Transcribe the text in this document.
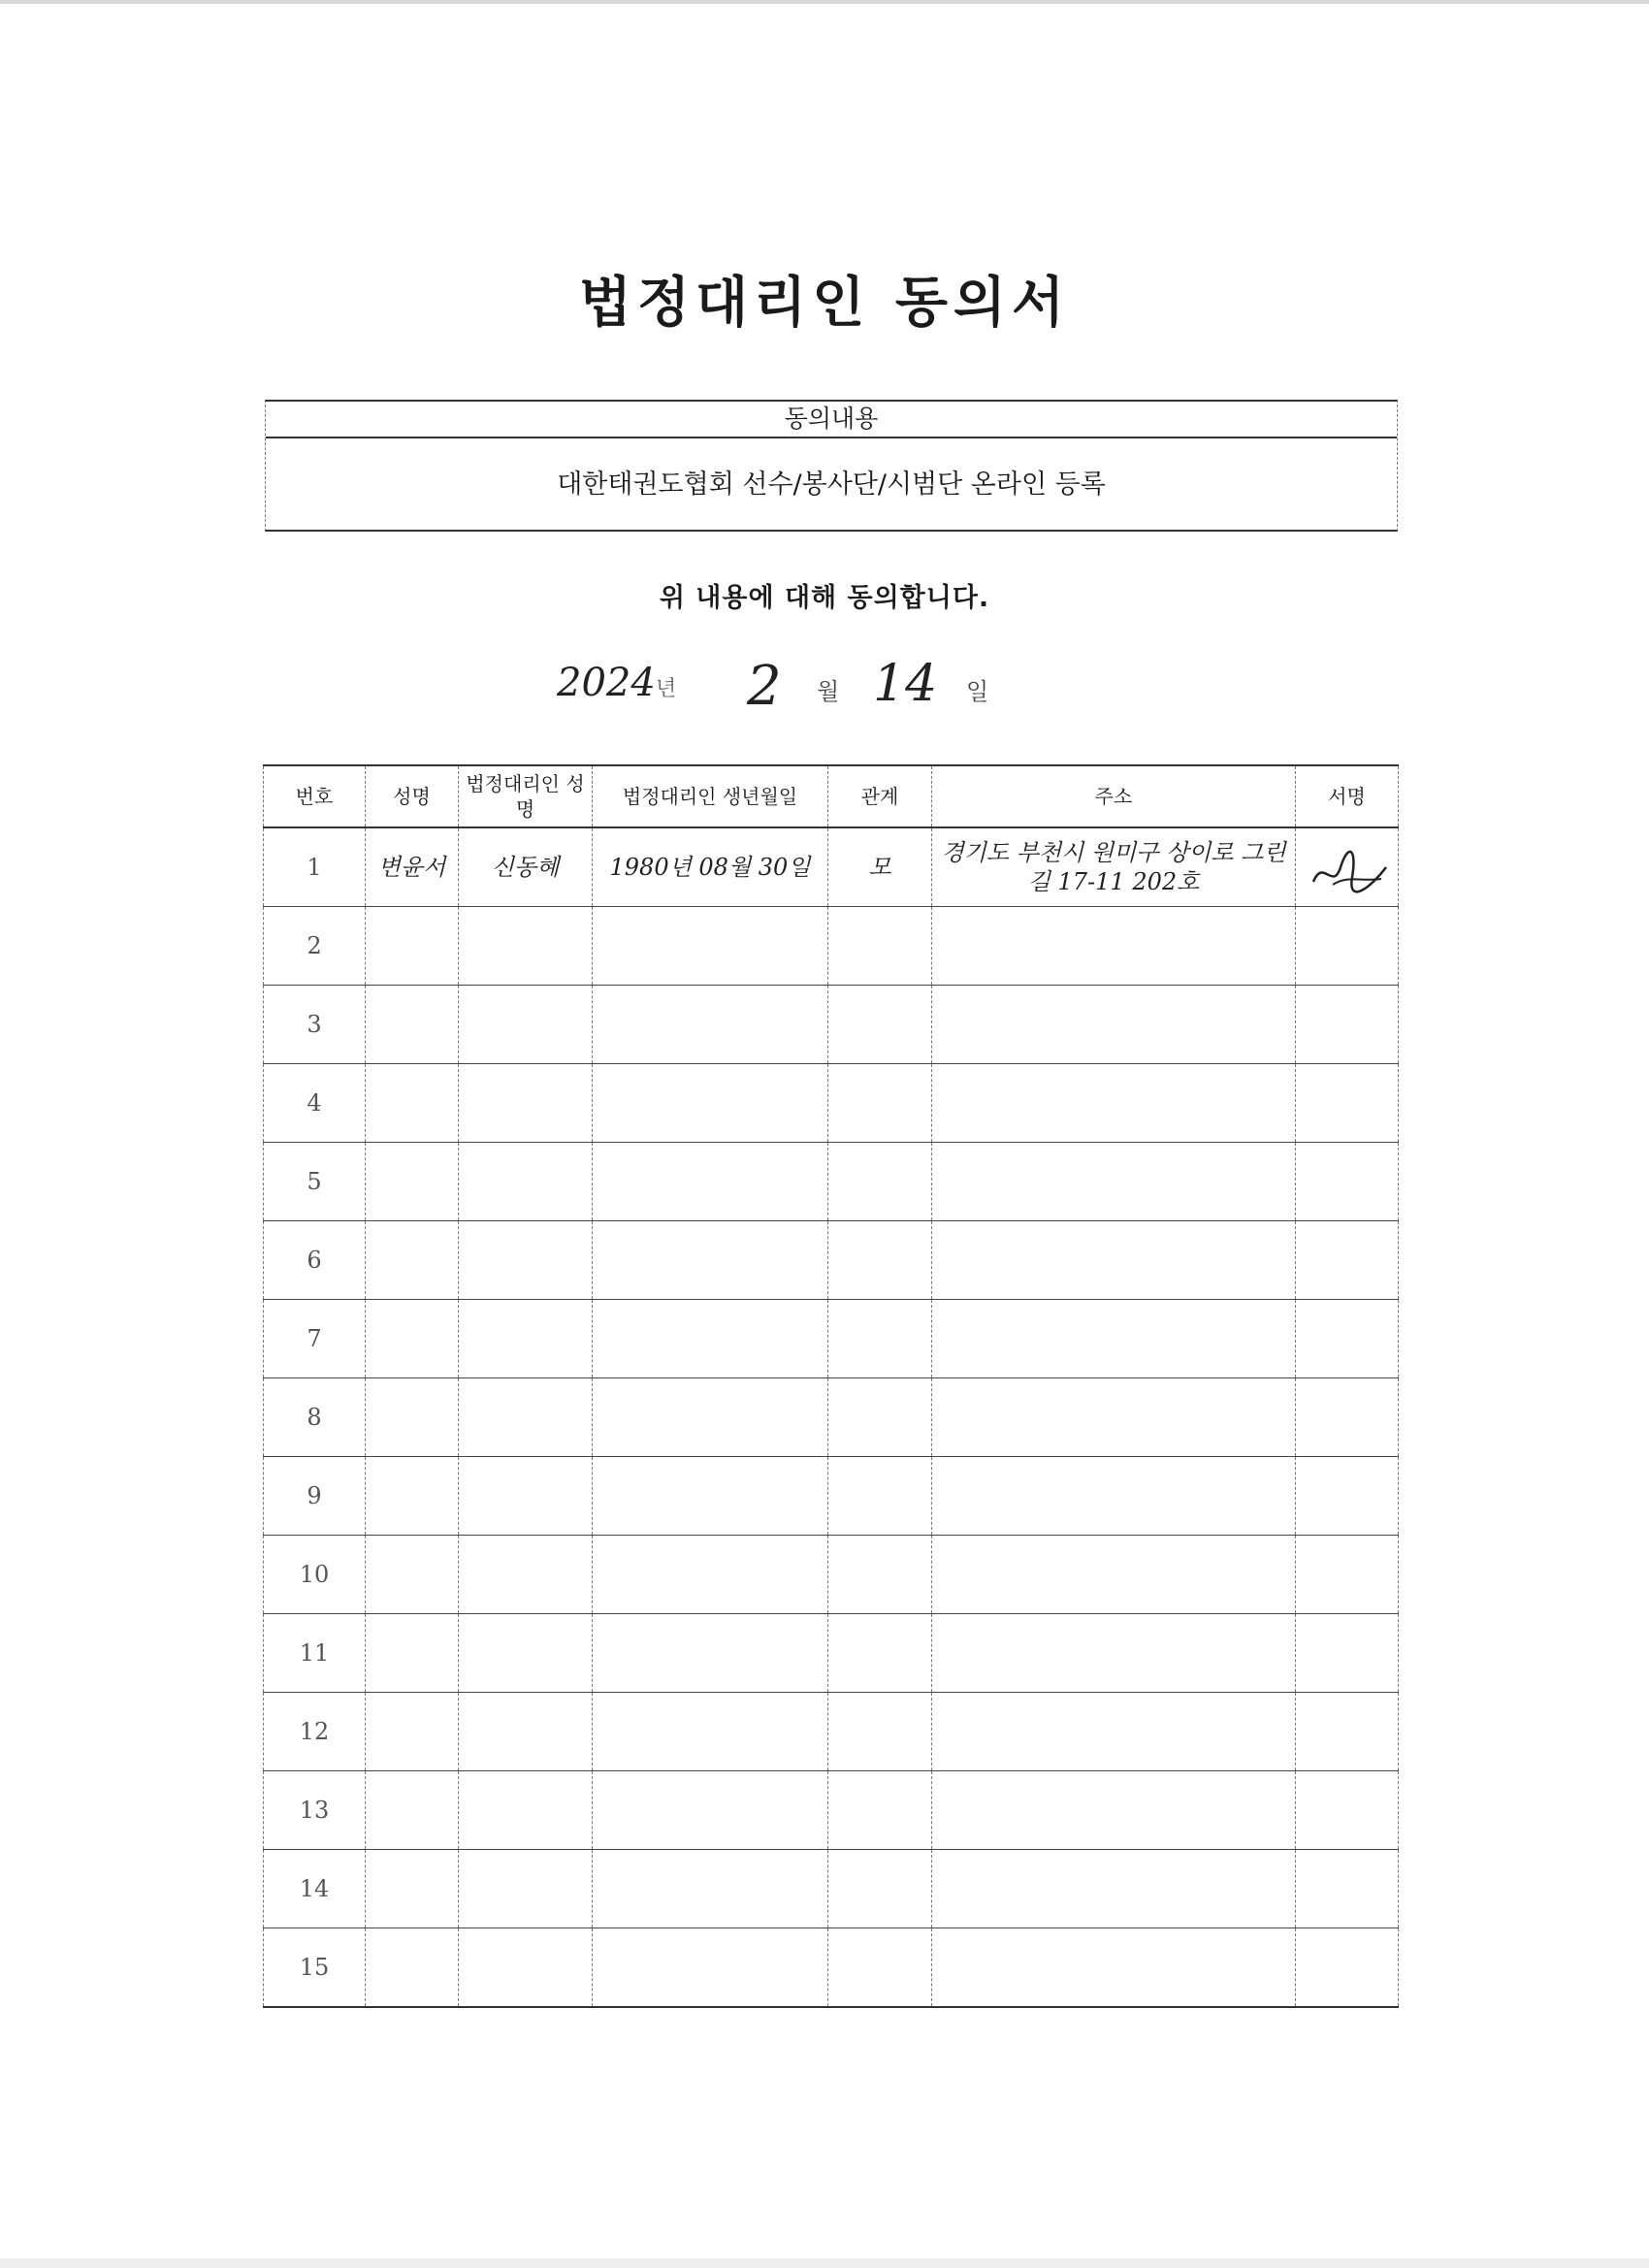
법정대리인 동의서
동의내용
대한태권도협회 선수/봉사단/시범단 온라인 등록
위 내용에 대해 동의합니다.
2024 년 2 월 14 일
번호	성명	법정대리인 성명	법정대리인 생년월일	관계	주소	서명
1	변윤서	신동혜	1980년 08월 30일	모	경기도 부천시 원미구 상이로 그린길 17-11 202호	

2						
3						
4						
5						
6						
7						
8						
9						
10						
11						
12						
13						
14						
15						
